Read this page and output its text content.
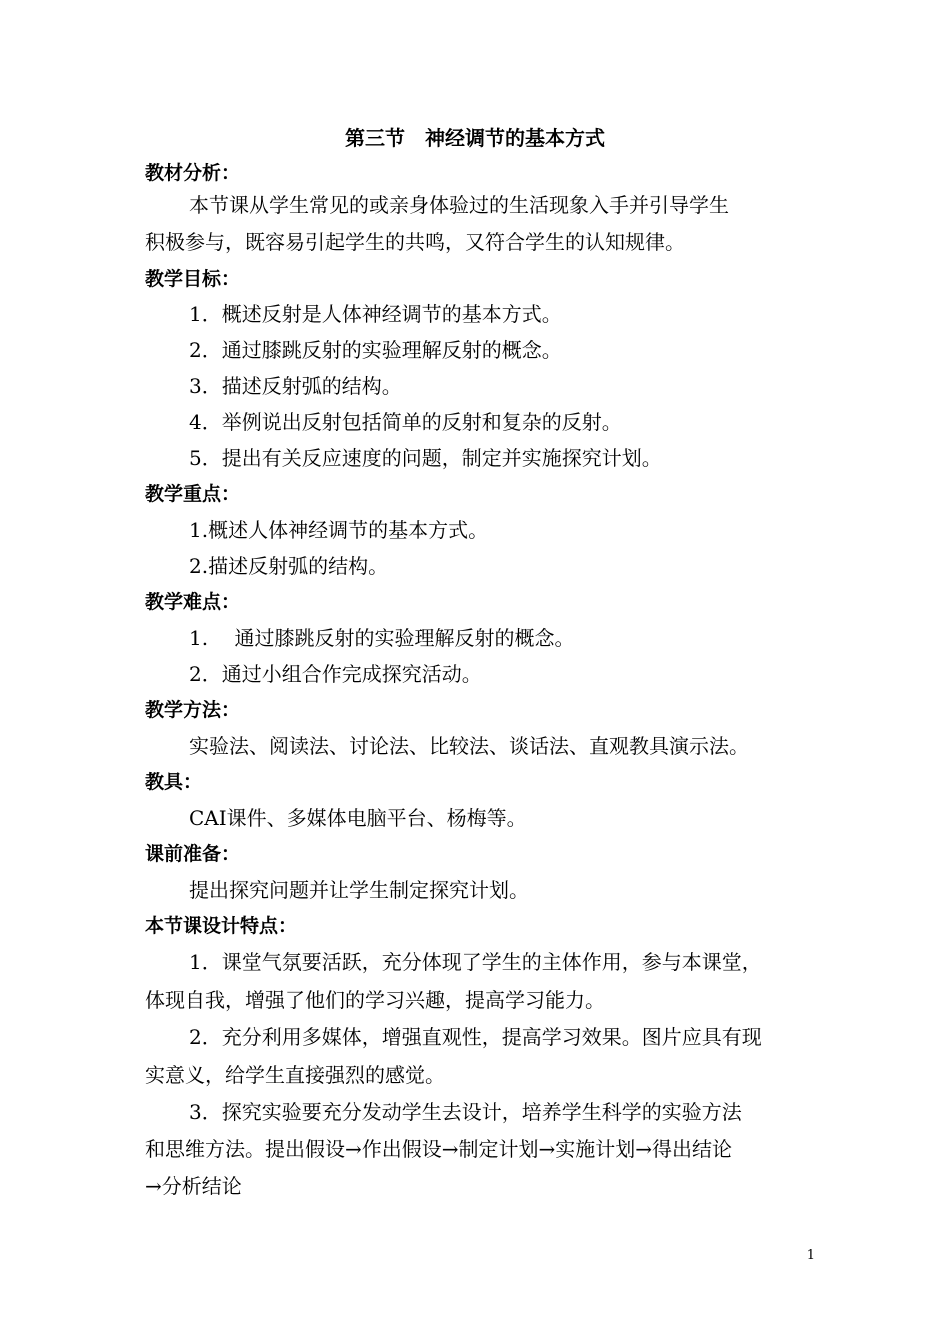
第三节　神经调节的基本方式
教材分析：
本节课从学生常见的或亲身体验过的生活现象入手并引导学生
积极参与，既容易引起学生的共鸣，又符合学生的认知规律。
教学目标：
1．概述反射是人体神经调节的基本方式。
2．通过膝跳反射的实验理解反射的概念。
3．描述反射弧的结构。
4．举例说出反射包括简单的反射和复杂的反射。
5．提出有关反应速度的问题，制定并实施探究计划。
教学重点：
1.概述人体神经调节的基本方式。
2.描述反射弧的结构。
教学难点：
1.　 通过膝跳反射的实验理解反射的概念。
2．通过小组合作完成探究活动。
教学方法：
实验法、阅读法、讨论法、比较法、谈话法、直观教具演示法。
教具：
CAI课件、多媒体电脑平台、杨梅等。
课前准备：
提出探究问题并让学生制定探究计划。
本节课设计特点：
1．课堂气氛要活跃，充分体现了学生的主体作用，参与本课堂，
体现自我，增强了他们的学习兴趣，提高学习能力。
2．充分利用多媒体，增强直观性，提高学习效果。图片应具有现
实意义，给学生直接强烈的感觉。
3．探究实验要充分发动学生去设计，培养学生科学的实验方法
和思维方法。提出假设→作出假设→制定计划→实施计划→得出结论
→分析结论
1
